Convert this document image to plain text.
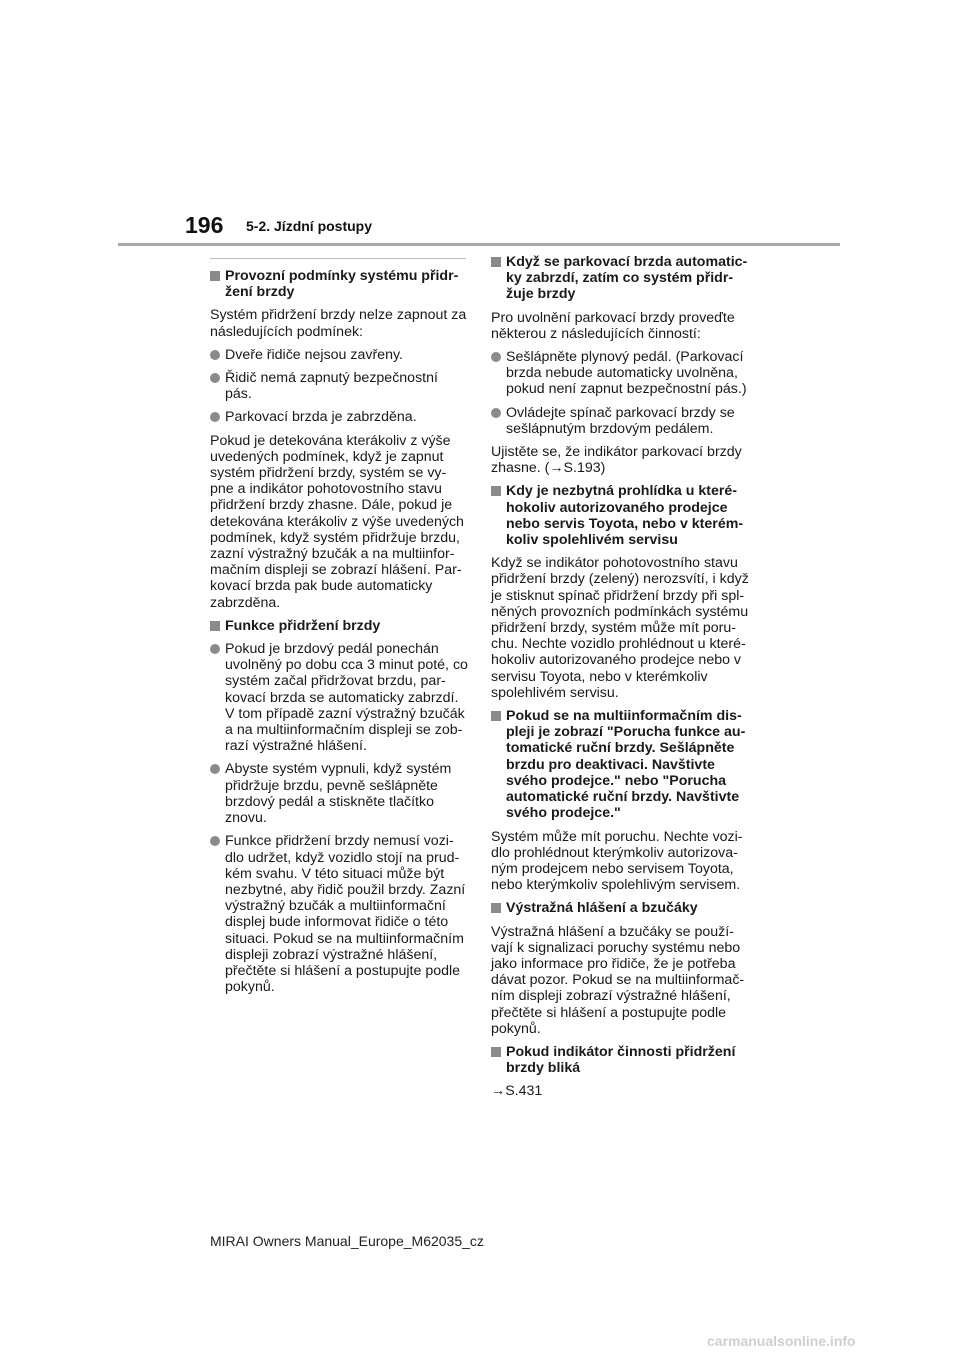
196 5-2. Jízdní postupy
Provozní podmínky systému přidr-žení brzdy
Systém přidržení brzdy nelze zapnout za následujících podmínek:
Dveře řidiče nejsou zavřeny.
Řidič nemá zapnutý bezpečnostní pás.
Parkovací brzda je zabrzděna.
Pokud je detekována kterákoliv z výše uvedených podmínek, když je zapnut systém přidržení brzdy, systém se vy-pne a indikátor pohotovostního stavu přidržení brzdy zhasne. Dále, pokud je detekována kterákoliv z výše uvedených podmínek, když systém přidržuje brzdu, zazní výstražný bzučák a na multiinfor-mačním displeji se zobrazí hlášení. Par-kovací brzda pak bude automaticky zabrzděna.
Funkce přidržení brzdy
Pokud je brzdový pedál ponechán uvolněný po dobu cca 3 minut poté, co systém začal přidržovat brzdu, par-kovací brzda se automaticky zabrzdí. V tom případě zazní výstražný bzučák a na multiinformačním displeji se zob-razí výstražné hlášení.
Abyste systém vypnuli, když systém přidržuje brzdu, pevně sešlápněte brzdový pedál a stiskněte tlačítko znovu.
Funkce přidržení brzdy nemusí vozi-dlo udržet, když vozidlo stojí na prud-kém svahu. V této situaci může být nezbytné, aby řidič použil brzdy. Zazní výstražný bzučák a multiinformační displej bude informovat řidiče o této situaci. Pokud se na multiinformačním displeji zobrazí výstražné hlášení, přečtěte si hlášení a postupujte podle pokynů.
Když se parkovací brzda automatic-ky zabrzdí, zatím co systém přidr-žuje brzdy
Pro uvolnění parkovací brzdy proveďte některou z následujících činností:
Sešlápněte plynový pedál. (Parkovací brzda nebude automaticky uvolněna, pokud není zapnut bezpečnostní pás.)
Ovládejte spínač parkovací brzdy se sešlápnutým brzdovým pedálem.
Ujistěte se, že indikátor parkovací brzdy zhasne. (→S.193)
Kdy je nezbytná prohlídka u které-hokoliv autorizovaného prodejce nebo servis Toyota, nebo v kterém-koliv spolehlivém servisu
Když se indikátor pohotovostního stavu přidržení brzdy (zelený) nerozsvítí, i když je stisknut spínač přidržení brzdy při spl-něných provozních podmínkách systému přidržení brzdy, systém může mít poru-chu. Nechte vozidlo prohlédnout u které-hokoliv autorizovaného prodejce nebo v servisu Toyota, nebo v kterémkoliv spolehlivém servisu.
Pokud se na multiinformačním dis-pleji je zobrazí "Porucha funkce au-tomatické ruční brzdy. Sešlápněte brzdu pro deaktivaci. Navštivte svého prodejce." nebo "Porucha automatické ruční brzdy. Navštivte svého prodejce."
Systém může mít poruchu. Nechte vozi-dlo prohlédnout kterýmkoliv autorizova-ným prodejcem nebo servisem Toyota, nebo kterýmkoliv spolehlivým servisem.
Výstražná hlášení a bzučáky
Výstražná hlášení a bzučáky se použí-vají k signalizaci poruchy systému nebo jako informace pro řidiče, že je potřeba dávat pozor. Pokud se na multiinformač-ním displeji zobrazí výstražné hlášení, přečtěte si hlášení a postupujte podle pokynů.
Pokud indikátor činnosti přidržení brzdy bliká
→S.431
MIRAI Owners Manual_Europe_M62035_cz
carmanualsonline.info
